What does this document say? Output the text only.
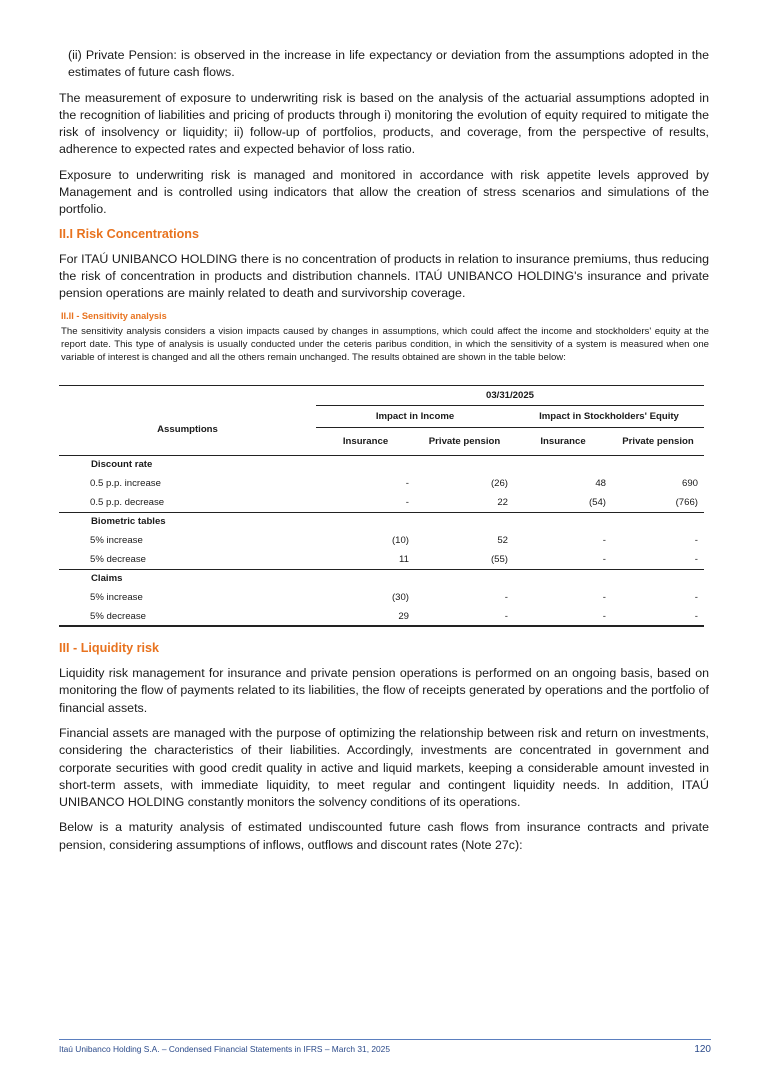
(ii) Private Pension: is observed in the increase in life expectancy or deviation from the assumptions adopted in the estimates of future cash flows.

The measurement of exposure to underwriting risk is based on the analysis of the actuarial assumptions adopted in the recognition of liabilities and pricing of products through i) monitoring the evolution of equity required to mitigate the risk of insolvency or liquidity; ii) follow-up of portfolios, products, and coverage, from the perspective of results, adherence to expected rates and expected behavior of loss ratio.

Exposure to underwriting risk is managed and monitored in accordance with risk appetite levels approved by Management and is controlled using indicators that allow the creation of stress scenarios and simulations of the portfolio.

II.I Risk Concentrations

For ITAÚ UNIBANCO HOLDING there is no concentration of products in relation to insurance premiums, thus reducing the risk of concentration in products and distribution channels. ITAÚ UNIBANCO HOLDING's insurance and private pension operations are mainly related to death and survivorship coverage.

II.II - Sensitivity analysis

The sensitivity analysis considers a vision impacts caused by changes in assumptions, which could affect the income and stockholders' equity at the report date. This type of analysis is usually conducted under the ceteris paribus condition, in which the sensitivity of a system is measured when one variable of interest is changed and all the others remain unchanged. The results obtained are shown in the table below:

	03/31/2025			
Assumptions	Impact in Income		Impact in Stockholders' Equity	
	Insurance	Private pension	Insurance	Private pension
Discount rate				
0.5 p.p. increase	-	(26)	48	690
0.5 p.p. decrease	-	22	(54)	(766)
Biometric tables				
5% increase	(10)	52	-	-
5% decrease	11	(55)	-	-
Claims				
5% increase	(30)	-	-	-
5% decrease	29	-	-	-
III - Liquidity risk

Liquidity risk management for insurance and private pension operations is performed on an ongoing basis, based on monitoring the flow of payments related to its liabilities, the flow of receipts generated by operations and the portfolio of financial assets.

Financial assets are managed with the purpose of optimizing the relationship between risk and return on investments, considering the characteristics of their liabilities. Accordingly, investments are concentrated in government and corporate securities with good credit quality in active and liquid markets, keeping a considerable amount invested in short-term assets, with immediate liquidity, to meet regular and contingent liquidity needs. In addition, ITAÚ UNIBANCO HOLDING constantly monitors the solvency conditions of its operations.

Below is a maturity analysis of estimated undiscounted future cash flows from insurance contracts and private pension, considering assumptions of inflows, outflows and discount rates (Note 27c):

Itaú Unibanco Holding S.A. – Condensed Financial Statements in IFRS – March 31, 2025	120
